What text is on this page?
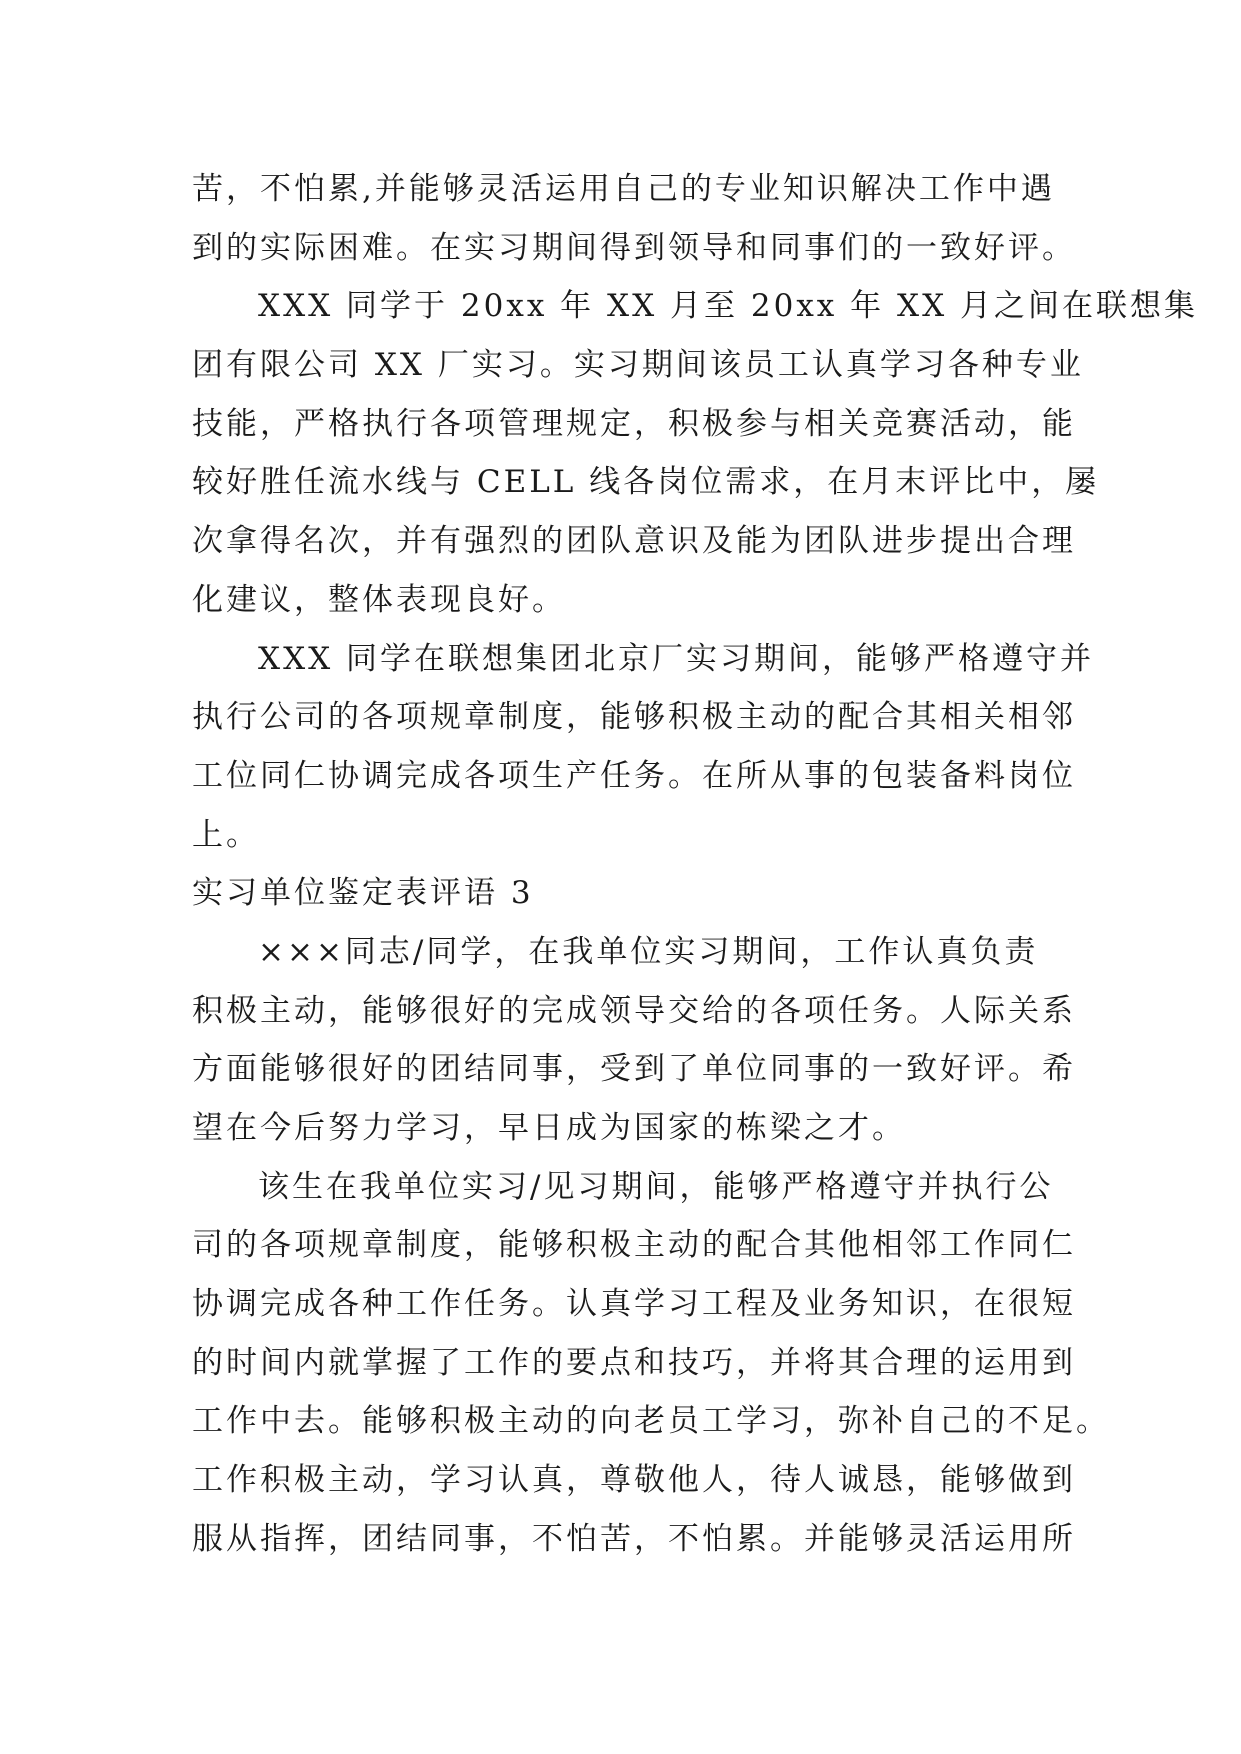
苦，不怕累,并能够灵活运用自己的专业知识解决工作中遇
到的实际困难。在实习期间得到领导和同事们的一致好评。
XXX 同学于 20xx 年 XX 月至 20xx 年 XX 月之间在联想集
团有限公司 XX 厂实习。实习期间该员工认真学习各种专业
技能，严格执行各项管理规定，积极参与相关竞赛活动，能
较好胜任流水线与 CELL 线各岗位需求，在月末评比中，屡
次拿得名次，并有强烈的团队意识及能为团队进步提出合理
化建议，整体表现良好。
XXX 同学在联想集团北京厂实习期间，能够严格遵守并
执行公司的各项规章制度，能够积极主动的配合其相关相邻
工位同仁协调完成各项生产任务。在所从事的包装备料岗位
上。
实习单位鉴定表评语 3
×××同志/同学，在我单位实习期间，工作认真负责
积极主动，能够很好的完成领导交给的各项任务。人际关系
方面能够很好的团结同事，受到了单位同事的一致好评。希
望在今后努力学习，早日成为国家的栋梁之才。
该生在我单位实习/见习期间，能够严格遵守并执行公
司的各项规章制度，能够积极主动的配合其他相邻工作同仁
协调完成各种工作任务。认真学习工程及业务知识，在很短
的时间内就掌握了工作的要点和技巧，并将其合理的运用到
工作中去。能够积极主动的向老员工学习，弥补自己的不足。
工作积极主动，学习认真，尊敬他人，待人诚恳，能够做到
服从指挥，团结同事，不怕苦，不怕累。并能够灵活运用所
